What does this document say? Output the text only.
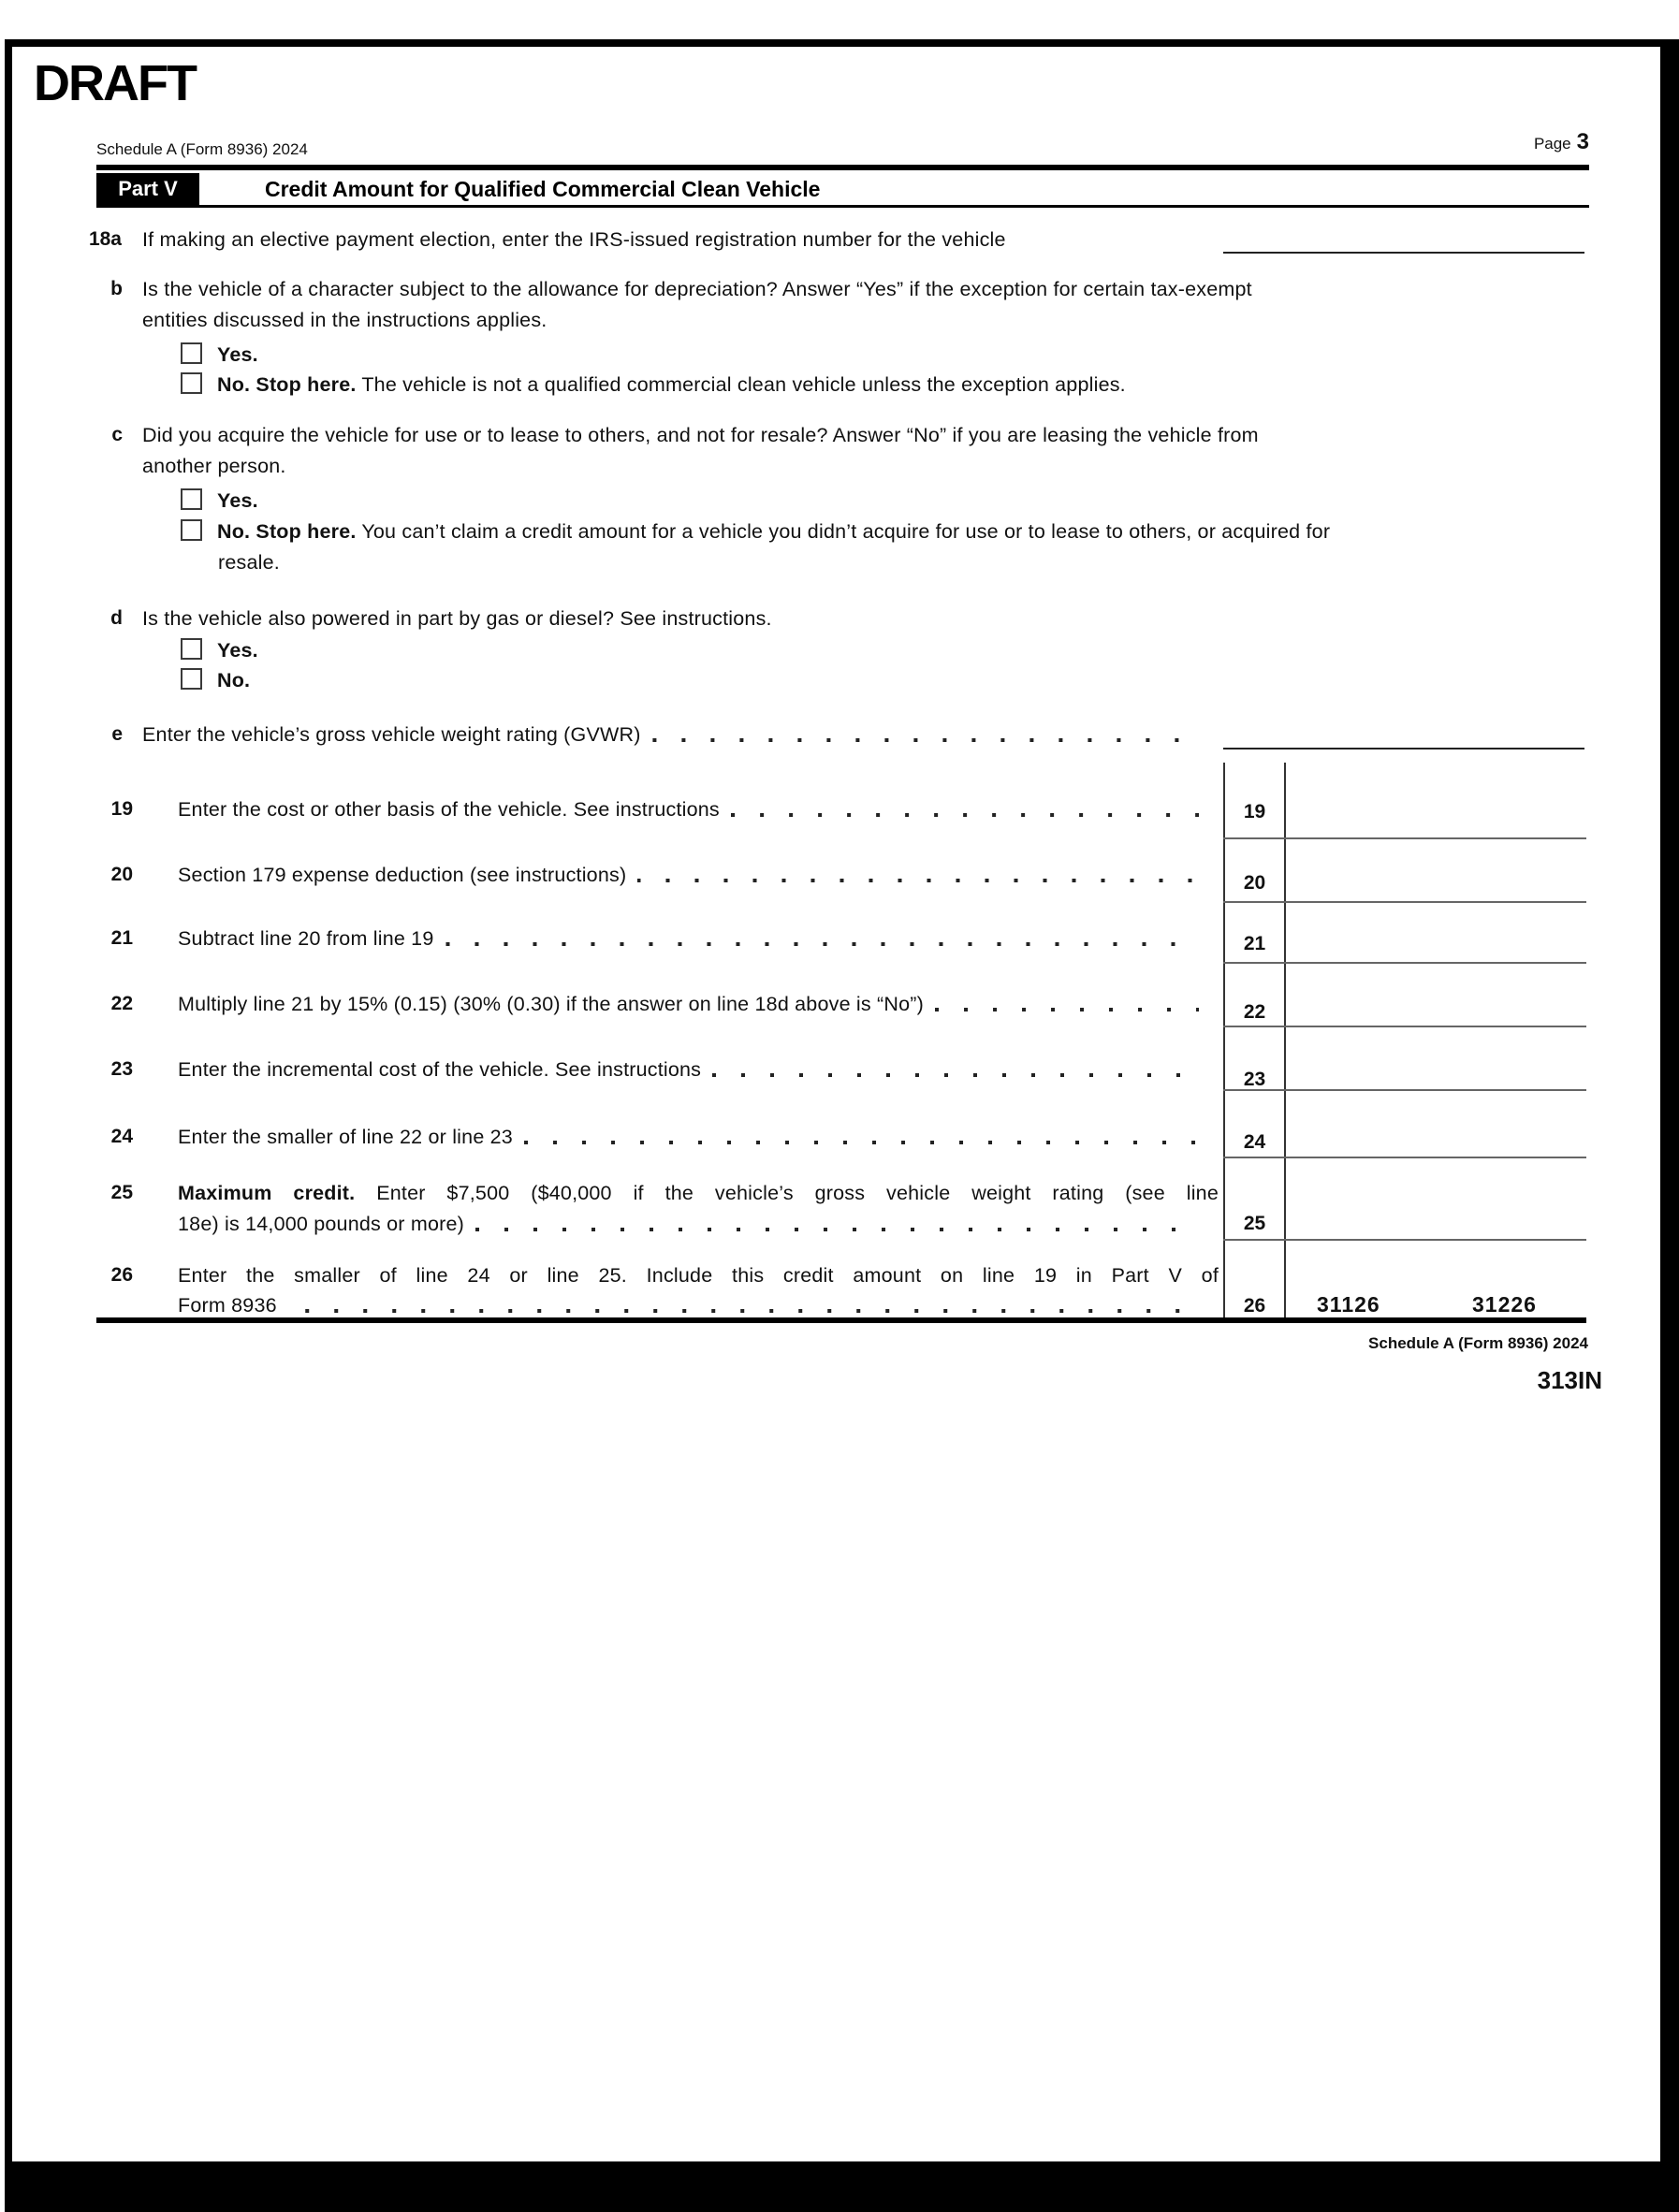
DRAFT
Schedule A (Form 8936) 2024	Page 3
Part V	Credit Amount for Qualified Commercial Clean Vehicle
18a If making an elective payment election, enter the IRS-issued registration number for the vehicle
b Is the vehicle of a character subject to the allowance for depreciation? Answer “Yes” if the exception for certain tax-exempt
entities discussed in the instructions applies.
Yes.
No. Stop here. The vehicle is not a qualified commercial clean vehicle unless the exception applies.
c Did you acquire the vehicle for use or to lease to others, and not for resale? Answer “No” if you are leasing the vehicle from
another person.
Yes.
No. Stop here. You can’t claim a credit amount for a vehicle you didn’t acquire for use or to lease to others, or acquired for
resale.
d Is the vehicle also powered in part by gas or diesel? See instructions.
Yes.
No.
e Enter the vehicle’s gross vehicle weight rating (GVWR)
19 Enter the cost or other basis of the vehicle. See instructions	19
20 Section 179 expense deduction (see instructions)	20
21 Subtract line 20 from line 19	21
22 Multiply line 21 by 15% (0.15) (30% (0.30) if the answer on line 18d above is “No”)	22
23 Enter the incremental cost of the vehicle. See instructions	23
24 Enter the smaller of line 22 or line 23	24
25 Maximum credit. Enter $7,500 ($40,000 if the vehicle’s gross vehicle weight rating (see line
18e) is 14,000 pounds or more)	25
26 Enter the smaller of line 24 or line 25. Include this credit amount on line 19 in Part V of
Form 8936	26	31126	31226
Schedule A (Form 8936) 2024
313IN
